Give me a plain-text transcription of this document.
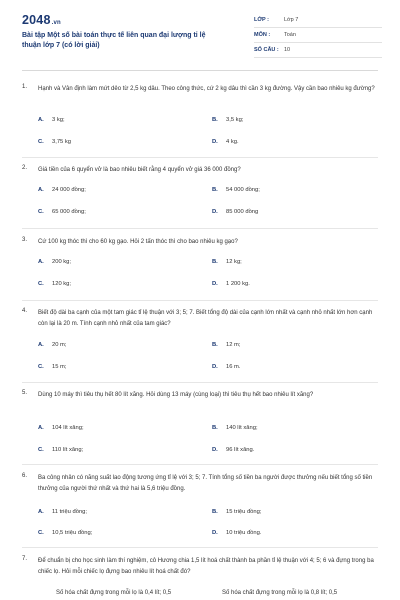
2048.vn
Bài tập Một số bài toán thực tế liên quan đại lượng tỉ lệ thuận lớp 7 (có lời giải)
LỚP :	Lớp 7
MÔN :	Toán
SỐ CÂU : 10
1. Hạnh và Vân định làm mứt dẻo từ 2,5 kg dâu. Theo công thức, cứ 2 kg dâu thì cần 3 kg đường. Vậy cần bao nhiêu kg đường?
A. 3 kg;	B. 3,5 kg;
C. 3,75 kg	D. 4 kg.
2. Giá tiền của 6 quyển vở là bao nhiêu biết rằng 4 quyển vở giá 36 000 đồng?
A. 24 000 đồng;	B. 54 000 đồng;
C. 65 000 đồng;	D. 85 000 đồng
3. Cứ 100 kg thóc thì cho 60 kg gạo. Hỏi 2 tấn thóc thì cho bao nhiêu kg gạo?
A. 200 kg;	B. 12 kg;
C. 120 kg;	D. 1 200 kg.
4. Biết độ dài ba cạnh của một tam giác tỉ lệ thuận với 3; 5; 7. Biết tổng độ dài của cạnh lớn nhất và cạnh nhỏ nhất lớn hơn cạnh còn lại là 20 m. Tính cạnh nhỏ nhất của tam giác?
A. 20 m;	B. 12 m;
C. 15 m;	D. 16 m.
5. Dùng 10 máy thì tiêu thụ hết 80 lít xăng. Hỏi dùng 13 máy (cùng loại) thì tiêu thụ hết bao nhiêu lít xăng?
A. 104 lít xăng;	B. 140 lít xăng;
C. 110 lít xăng;	D. 96 lít xăng.
6. Ba công nhân có năng suất lao động tương ứng tỉ lệ với 3; 5; 7. Tính tổng số tiền ba người được thưởng nếu biết tổng số tiền thưởng của người thứ nhất và thứ hai là 5,6 triệu đồng.
A. 11 triệu đồng;	B. 15 triệu đồng;
C. 10,5 triệu đồng;	D. 10 triệu đồng.
7. Để chuẩn bị cho học sinh làm thí nghiệm, cô Hương chia 1,5 lít hoá chất thành ba phần tỉ lệ thuận với 4; 5; 6 và đựng trong ba chiếc lọ. Hỏi mỗi chiếc lọ đựng bao nhiêu lít hoá chất đó?
Số hóa chất đựng trong mỗi lọ là 0,4 lít; 0,5	Số hóa chất đựng trong mỗi lọ là 0,8 lít; 0,5
